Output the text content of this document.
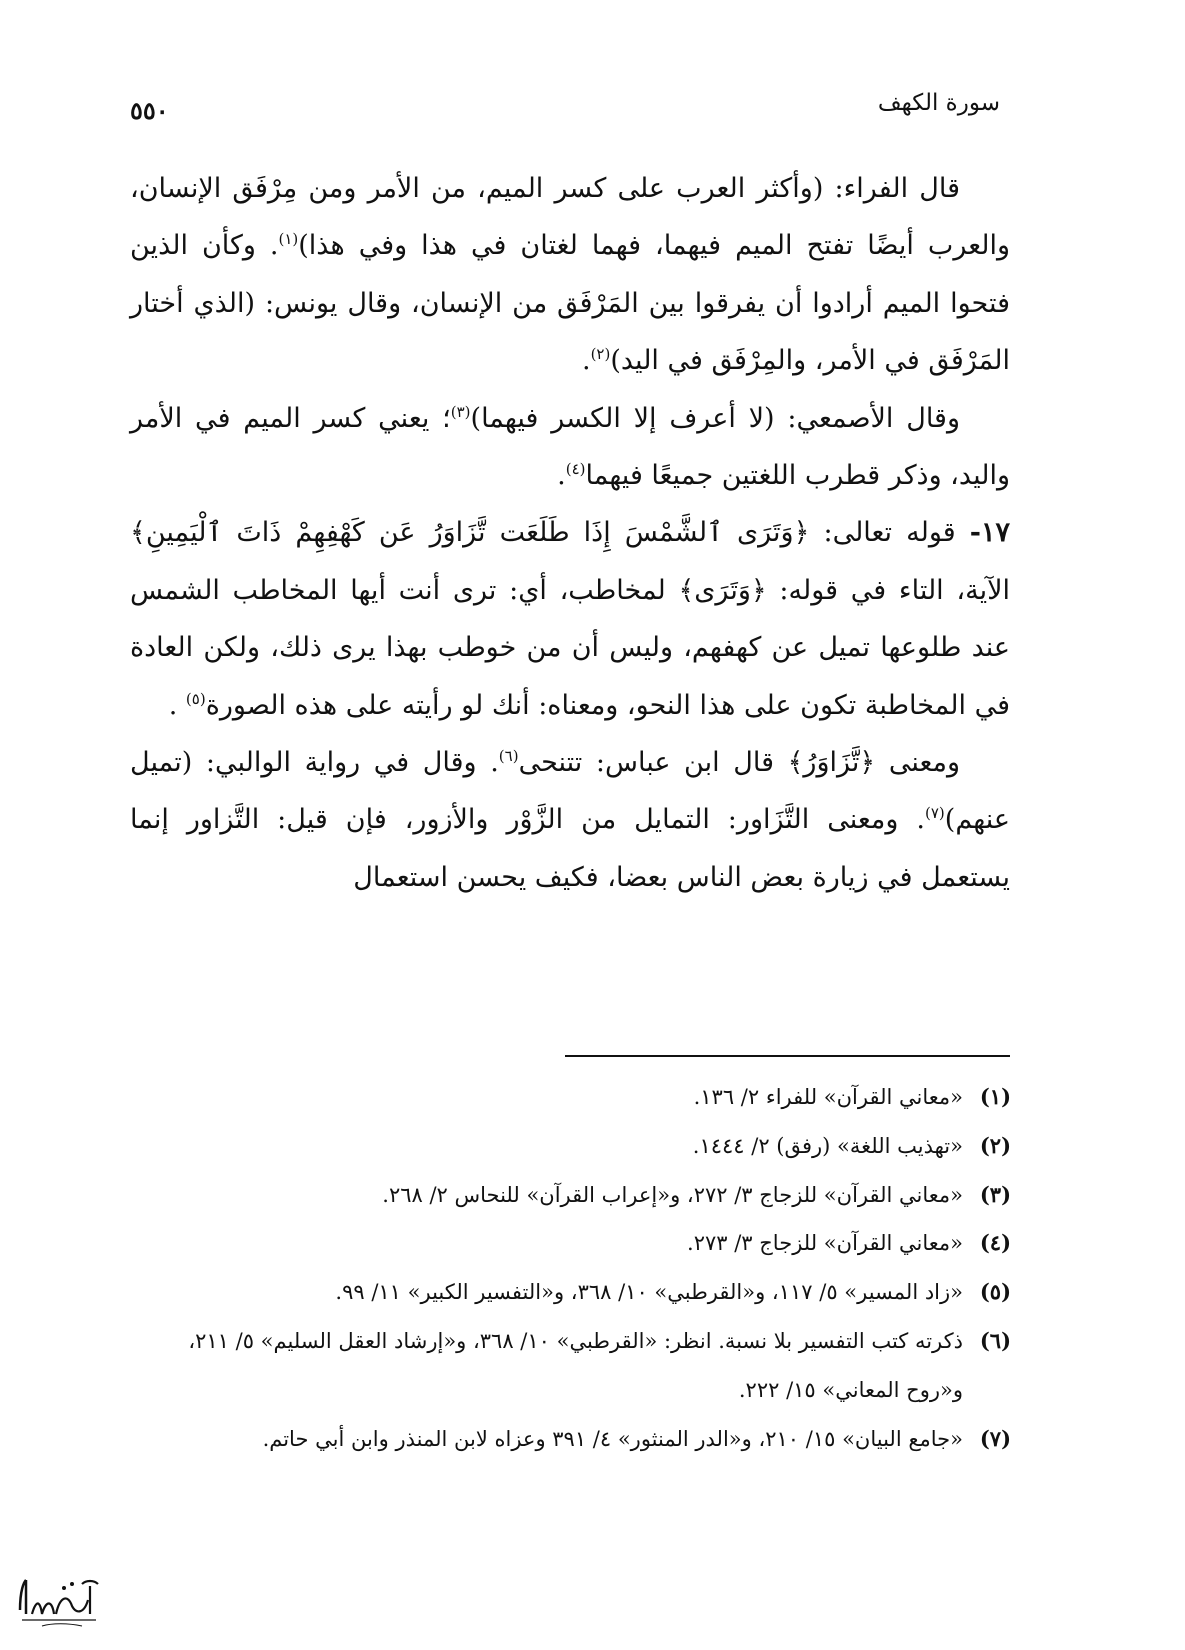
سورة الكهف
٥٥٠

قال الفراء: (وأكثر العرب على كسر الميم، من الأمر ومن مِرْفَق الإنسان، والعرب أيضًا تفتح الميم فيهما، فهما لغتان في هذا وفي هذا)$^{(١)}$. وكأن الذين فتحوا الميم أرادوا أن يفرقوا بين المَرْفَق من الإنسان، وقال يونس: (الذي أختار المَرْفَق في الأمر، والمِرْفَق في اليد)$^{(٢)}$.

وقال الأصمعي: (لا أعرف إلا الكسر فيهما)$^{(٣)}$؛ يعني كسر الميم في الأمر واليد، وذكر قطرب اللغتين جميعًا فيهما$^{(٤)}$.

١٧- قوله تعالى: ﴿وَتَرَى ٱلشَّمْسَ إِذَا طَلَعَت تَّزَاوَرُ عَن كَهْفِهِمْ ذَاتَ ٱلْيَمِينِ﴾ الآية، التاء في قوله: ﴿وَتَرَى﴾ لمخاطب، أي: ترى أنت أيها المخاطب الشمس عند طلوعها تميل عن كهفهم، وليس أن من خوطب بهذا يرى ذلك، ولكن العادة في المخاطبة تكون على هذا النحو، ومعناه: أنك لو رأيته على هذه الصورة$^{(٥)}$ .

ومعنى ﴿تَّزَاوَرُ﴾ قال ابن عباس: تتنحى$^{(٦)}$. وقال في رواية الوالبي: (تميل عنهم)$^{(٧)}$. ومعنى التَّزَاور: التمايل من الزَّوْر والأزور، فإن قيل: التَّزاور إنما يستعمل في زيارة بعض الناس بعضا، فكيف يحسن استعمال

(١)
«معاني القرآن» للفراء ٢/ ١٣٦.
(٢)
«تهذيب اللغة» (رفق) ٢/ ١٤٤٤.
(٣)
«معاني القرآن» للزجاج ٣/ ٢٧٢، و«إعراب القرآن» للنحاس ٢/ ٢٦٨.
(٤)
«معاني القرآن» للزجاج ٣/ ٢٧٣.
(٥)
«زاد المسير» ٥/ ١١٧، و«القرطبي» ١٠/ ٣٦٨، و«التفسير الكبير» ١١/ ٩٩.
(٦)
ذكرته كتب التفسير بلا نسبة. انظر: «القرطبي» ١٠/ ٣٦٨، و«إرشاد العقل السليم» ٥/ ٢١١، و«روح المعاني» ١٥/ ٢٢٢.
(٧)
«جامع البيان» ١٥/ ٢١٠، و«الدر المنثور» ٤/ ٣٩١ وعزاه لابن المنذر وابن أبي حاتم.
